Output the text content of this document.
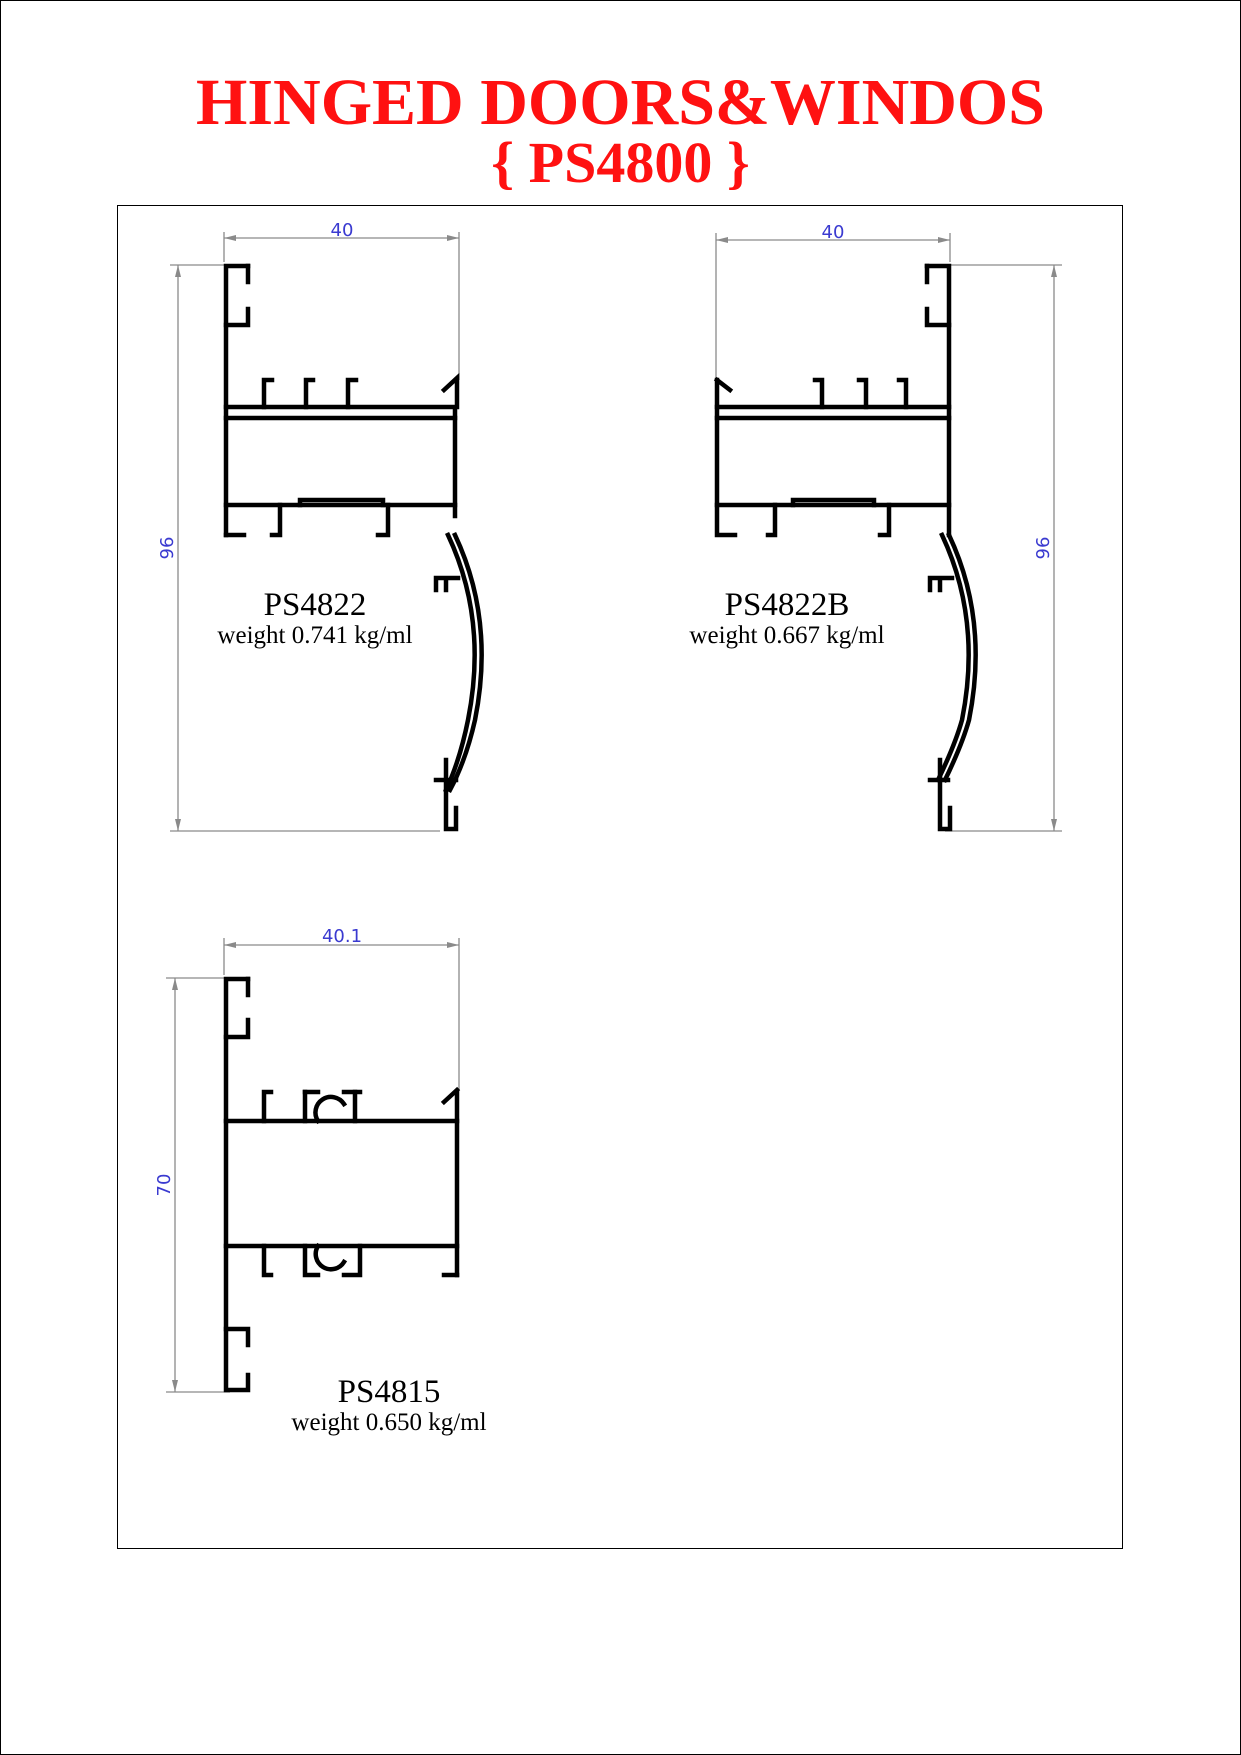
HINGED DOORS&WINDOS
{ PS4800 }
40
96
PS4822
weight 0.741 kg/ml
40
96
PS4822B
weight 0.667 kg/ml
40.1
70
PS4815
weight 0.650 kg/ml
